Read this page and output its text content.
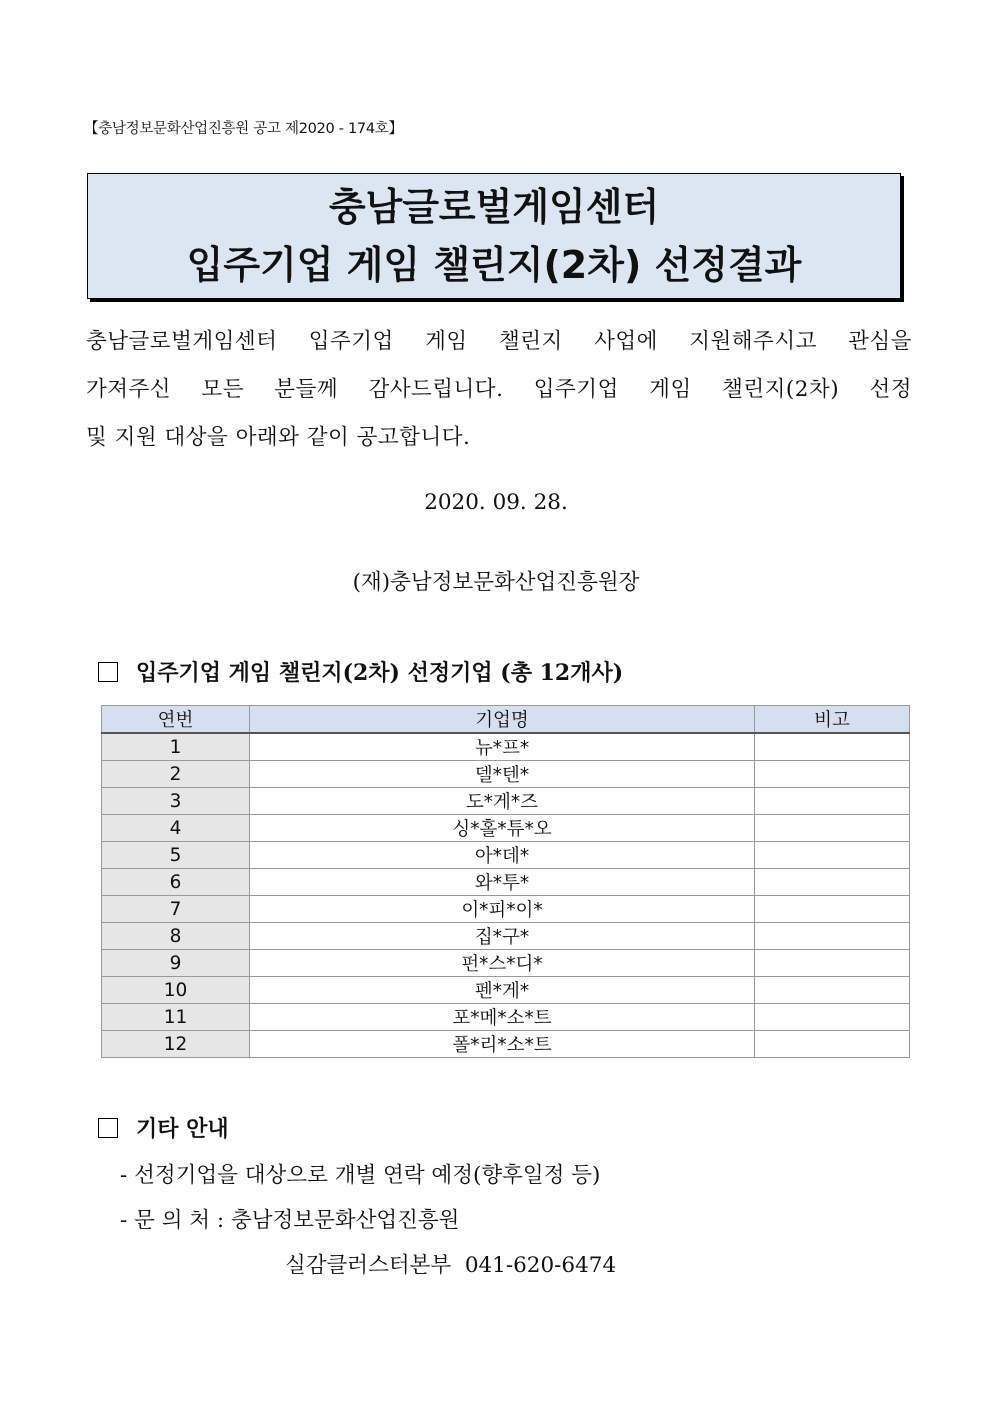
【충남정보문화산업진흥원 공고 제2020 - 174호】
충남글로벌게임센터
입주기업 게임 챌린지(2차) 선정결과
충남글로벌게임센터 입주기업 게임 챌린지 사업에 지원해주시고 관심을
가져주신 모든 분들께 감사드립니다. 입주기업 게임 챌린지(2차) 선정
및 지원 대상을 아래와 같이 공고합니다.
2020. 09. 28.
(재)충남정보문화산업진흥원장
입주기업 게임 챌린지(2차) 선정기업 (총 12개사)
연번	기업명	비고
1	뉴*프*	
2	델*텐*	
3	도*게*즈	
4	싱*홀*튜*오	
5	아*데*	
6	와*투*	
7	이*피*이*	
8	집*구*	
9	펀*스*디*	
10	펜*게*	
11	포*메*소*트	
12	폴*리*소*트	
기타 안내
- 선정기업을 대상으로 개별 연락 예정(향후일정 등)
- 문 의 처 : 충남정보문화산업진흥원
실감클러스터본부  041-620-6474
